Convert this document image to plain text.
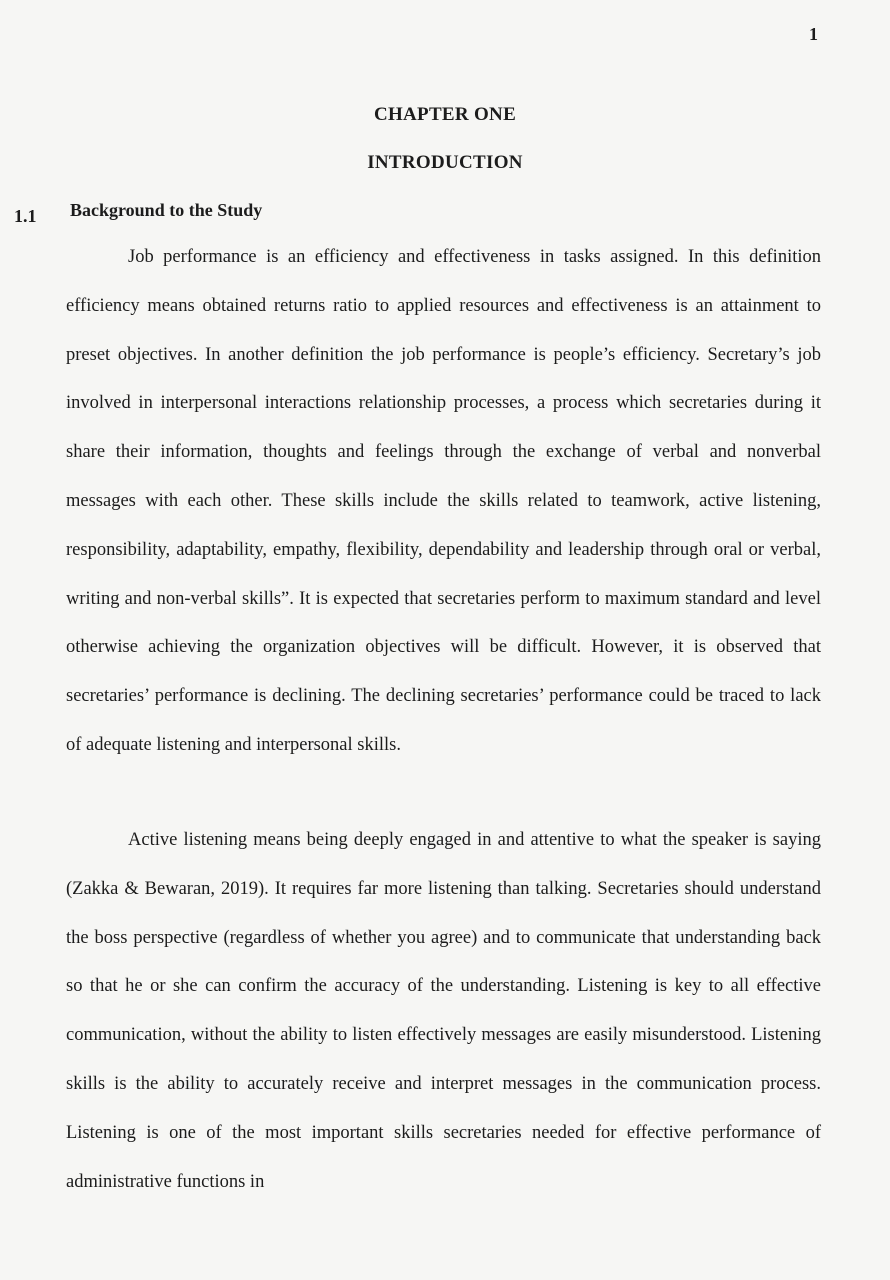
1
CHAPTER ONE
INTRODUCTION
1.1 Background to the Study

Job performance is an efficiency and effectiveness in tasks assigned. In this definition efficiency means obtained returns ratio to applied resources and effectiveness is an attainment to preset objectives. In another definition the job performance is people’s efficiency. Secretary’s job involved in interpersonal interactions relationship processes, a process which secretaries during it share their information, thoughts and feelings through the exchange of verbal and nonverbal messages with each other. These skills include the skills related to teamwork, active listening, responsibility, adaptability, empathy, flexibility, dependability and leadership through oral or verbal, writing and non-verbal skills”. It is expected that secretaries perform to maximum standard and level otherwise achieving the organization objectives will be difficult. However, it is observed that secretaries’ performance is declining. The declining secretaries’ performance could be traced to lack of adequate listening and interpersonal skills.

Active listening means being deeply engaged in and attentive to what the speaker is saying (Zakka & Bewaran, 2019). It requires far more listening than talking. Secretaries should understand the boss perspective (regardless of whether you agree) and to communicate that understanding back so that he or she can confirm the accuracy of the understanding. Listening is key to all effective communication, without the ability to listen effectively messages are easily misunderstood. Listening skills is the ability to accurately receive and interpret messages in the communication process. Listening is one of the most important skills secretaries needed for effective performance of administrative functions in
